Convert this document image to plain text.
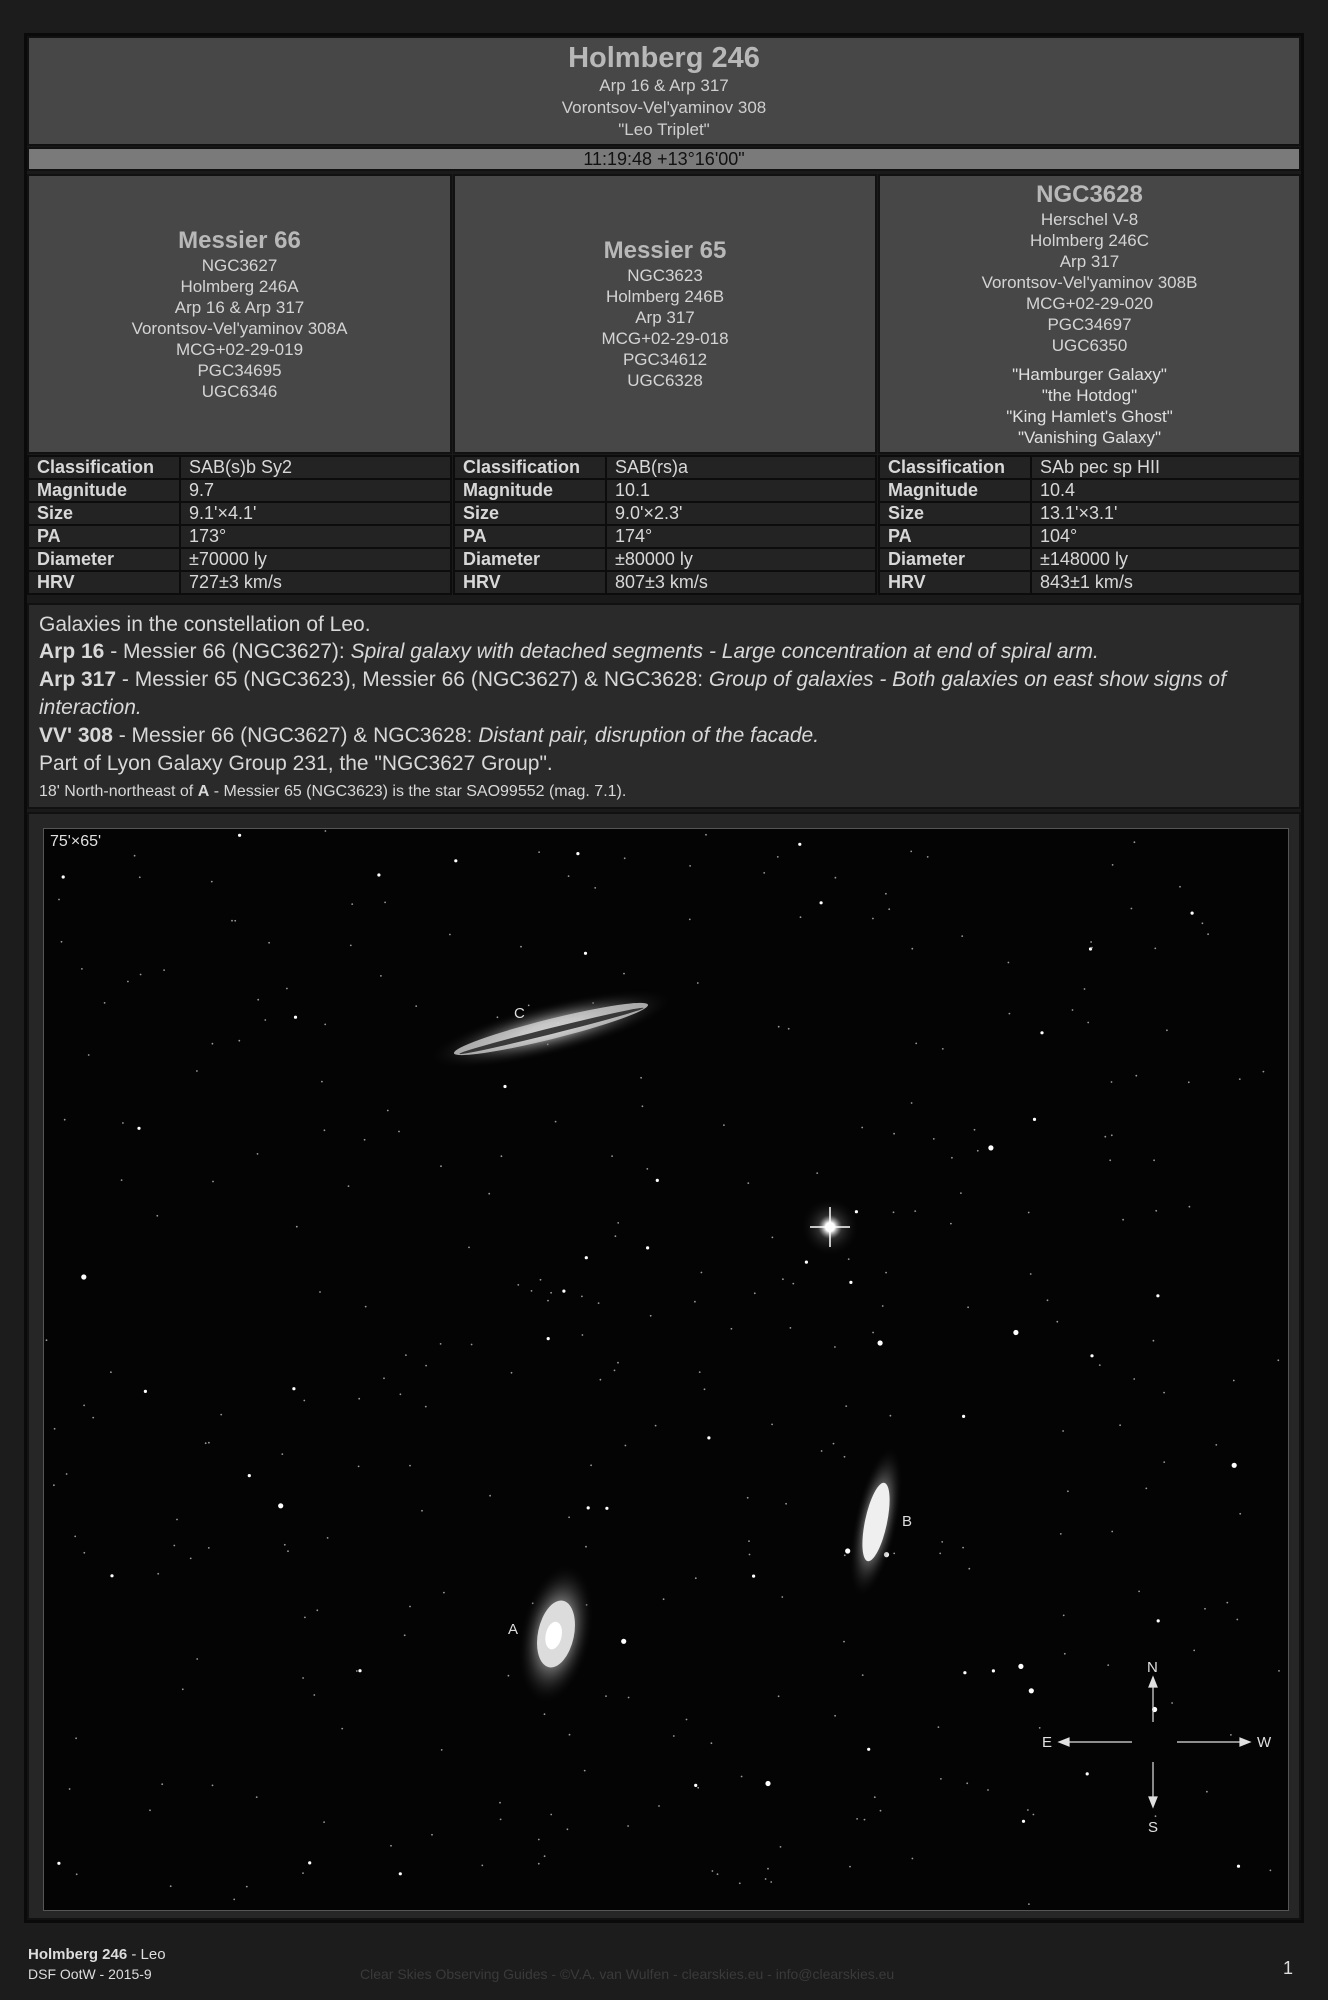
Holmberg 246
Arp 16 & Arp 317
Vorontsov-Vel'yaminov 308
"Leo Triplet"
11:19:48 +13°16'00"
Messier 66
NGC3627
Holmberg 246A
Arp 16 & Arp 317
Vorontsov-Vel'yaminov 308A
MCG+02-29-019
PGC34695
UGC6346
Messier 65
NGC3623
Holmberg 246B
Arp 317
MCG+02-29-018
PGC34612
UGC6328
NGC3628
Herschel V-8
Holmberg 246C
Arp 317
Vorontsov-Vel'yaminov 308B
MCG+02-29-020
PGC34697
UGC6350
"Hamburger Galaxy"
"the Hotdog"
"King Hamlet's Ghost"
"Vanishing Galaxy"
Classification	SAB(s)b Sy2
Magnitude	9.7
Size	9.1'×4.1'
PA	173°
Diameter	±70000 ly
HRV	727±3 km/s
Classification	SAB(rs)a
Magnitude	10.1
Size	9.0'×2.3'
PA	174°
Diameter	±80000 ly
HRV	807±3 km/s
Classification	SAb pec sp HII
Magnitude	10.4
Size	13.1'×3.1'
PA	104°
Diameter	±148000 ly
HRV	843±1 km/s
Galaxies in the constellation of Leo.
Arp 16 - Messier 66 (NGC3627): Spiral galaxy with detached segments - Large concentration at end of spiral arm.
Arp 317 - Messier 65 (NGC3623), Messier 66 (NGC3627) & NGC3628: Group of galaxies - Both galaxies on east show signs of interaction.
VV' 308 - Messier 66 (NGC3627) & NGC3628: Distant pair, disruption of the facade.
Part of Lyon Galaxy Group 231, the "NGC3627 Group".
18' North-northeast of A - Messier 65 (NGC3623) is the star SAO99552 (mag. 7.1).
C
B
A
N
E	W
S
75'×65'
Holmberg 246 - Leo
DSF OotW - 2015-9	Clear Skies Observing Guides - ©V.A. van Wulfen - clearskies.eu - info@clearskies.eu	1
